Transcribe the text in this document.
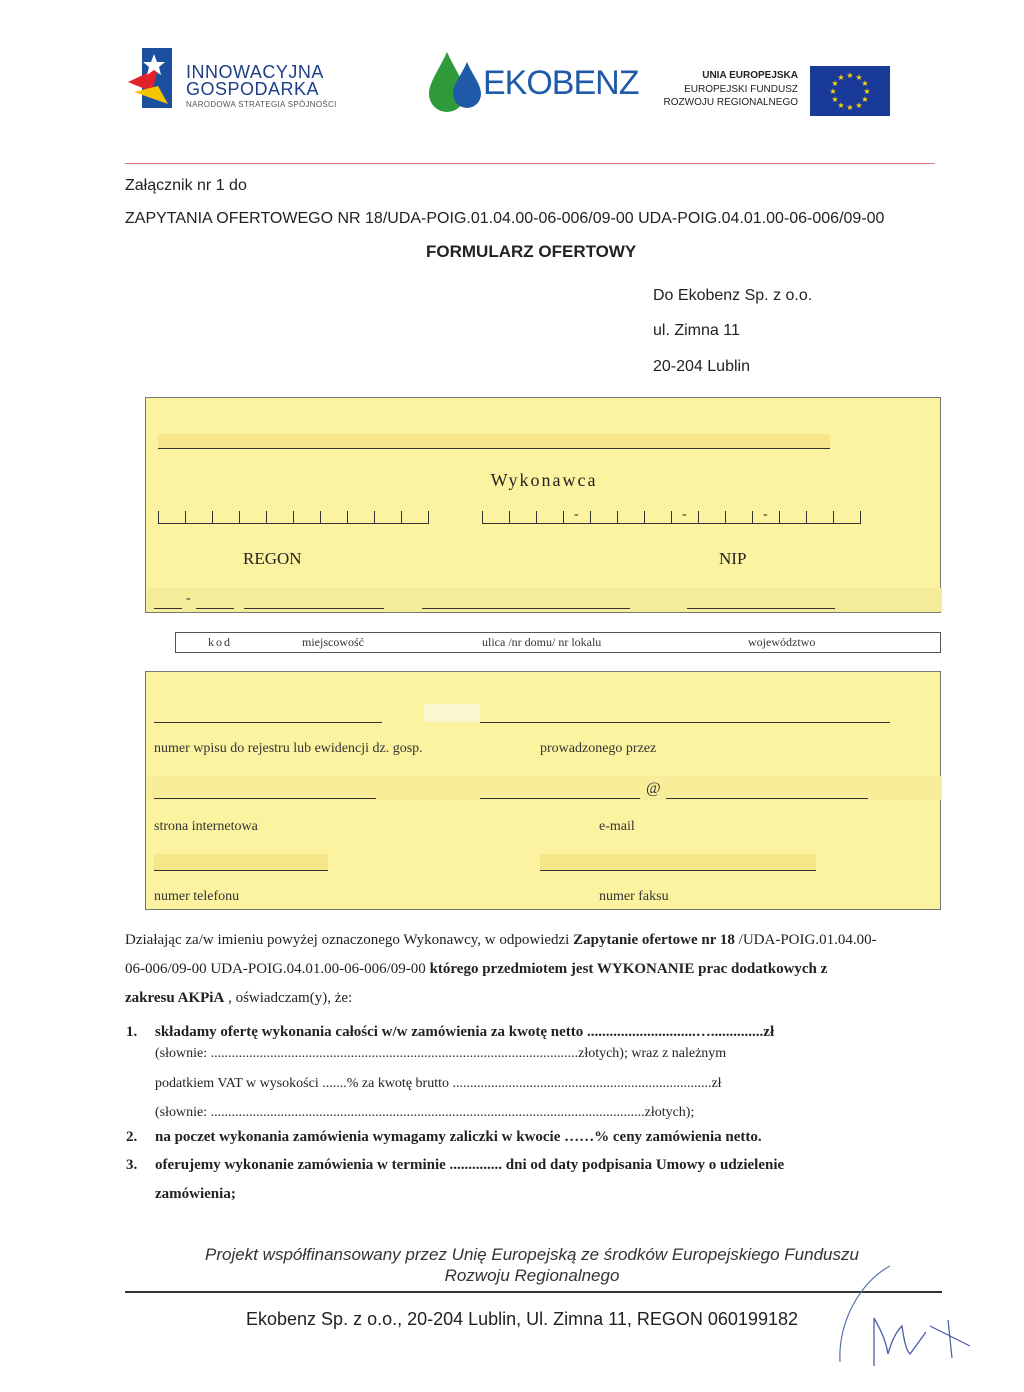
INNOWACYJNA
GOSPODARKA
NARODOWA STRATEGIA SPÓJNOŚCI
EKOBENZ	UNIA EUROPEJSKA
EUROPEJSKI FUNDUSZ
ROZWOJU REGIONALNEGO
★ ★
★
★
★
★
★
★
★
★
★
★
Załącznik nr 1 do
ZAPYTANIA OFERTOWEGO NR 18/UDA-POIG.01.04.00-06-006/09-00 UDA-POIG.04.01.00-06-006/09-00
FORMULARZ OFERTOWY
Do Ekobenz Sp. z o.o.
ul. Zimna 11
20-204 Lublin
Wykonawca
-	-	-
REGON	NIP
-
kod	miejscowość	ulica /nr domu/ nr lokalu	województwo
numer wpisu do rejestru lub ewidencji dz. gosp.	prowadzonego przez
@
strona internetowa	e-mail
numer telefonu	numer faksu
Działając za/w imieniu powyżej oznaczonego Wykonawcy, w odpowiedzi Zapytanie ofertowe nr 18 /UDA-POIG.01.04.00-
06-006/09-00 UDA-POIG.04.01.00-06-006/09-00 którego przedmiotem jest WYKONANIE prac dodatkowych z
zakresu AKPiA , oświadczam(y), że:
1. składamy ofertę wykonania całości w/w zamówienia za kwotę netto .............................…..............zł
(słownie: .........................................................................................................złotych); wraz z należnym
podatkiem VAT w wysokości .......% za kwotę brutto ..........................................................................zł
(słownie: ............................................................................................................................złotych);
2. na poczet wykonania zamówienia wymagamy zaliczki w kwocie ……% ceny zamówienia netto.
3. oferujemy wykonanie zamówienia w terminie .............. dni od daty podpisania Umowy o udzielenie
zamówienia;
Projekt współfinansowany przez Unię Europejską ze środków Europejskiego Funduszu
Rozwoju Regionalnego
Ekobenz Sp. z o.o., 20-204 Lublin, Ul. Zimna 11, REGON 060199182
